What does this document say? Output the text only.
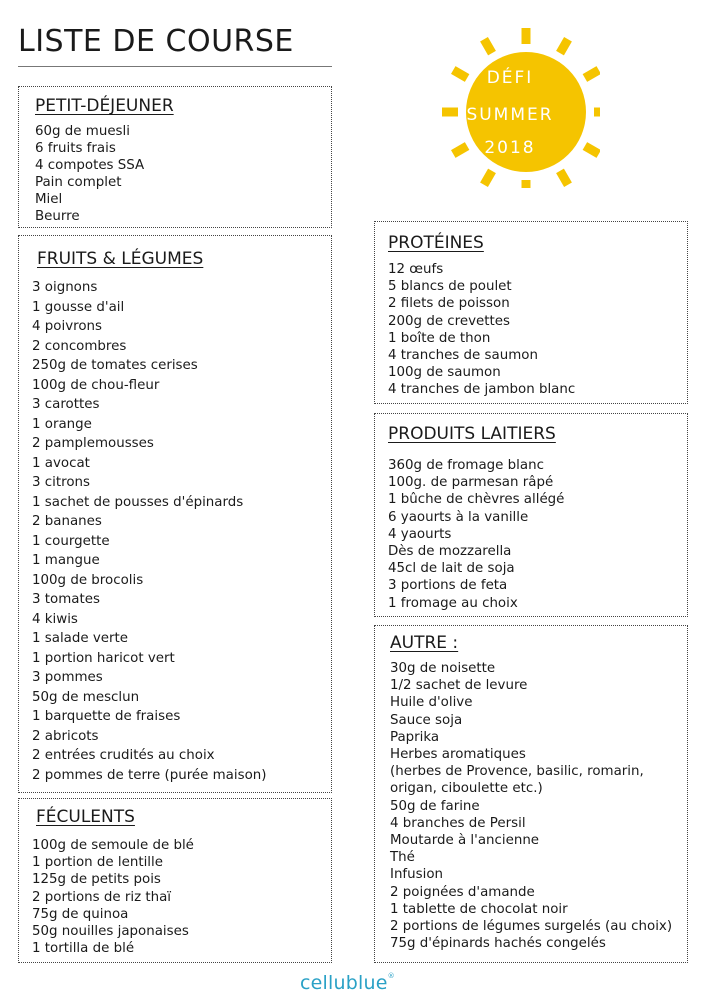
LISTE DE COURSE
DÉFI
SUMMER
2018
PETIT-DÉJEUNER
60g de muesli
6 fruits frais
4 compotes SSA
Pain complet
Miel
Beurre
FRUITS & LÉGUMES
3 oignons
1 gousse d'ail
4 poivrons
2 concombres
250g de tomates cerises
100g de chou-fleur
3 carottes
1 orange
2 pamplemousses
1 avocat
3 citrons
1 sachet de pousses d'épinards
2 bananes
1 courgette
1 mangue
100g de brocolis
3 tomates
4 kiwis
1 salade verte
1 portion haricot vert
3 pommes
50g de mesclun
1 barquette de fraises
2 abricots
2 entrées crudités au choix
2 pommes de terre (purée maison)
FÉCULENTS
100g de semoule de blé
1 portion de lentille
125g de petits pois
2 portions de riz thaï
75g de quinoa
50g nouilles japonaises
1 tortilla de blé
PROTÉINES
12 œufs
5 blancs de poulet
2 filets de poisson
200g de crevettes
1 boîte de thon
4 tranches de saumon
100g de saumon
4 tranches de jambon blanc
PRODUITS LAITIERS
360g de fromage blanc
100g. de parmesan râpé
1 bûche de chèvres allégé
6 yaourts à la vanille
4 yaourts
Dès de mozzarella
45cl de lait de soja
3 portions de feta
1 fromage au choix
AUTRE :
30g de noisette
1/2 sachet de levure
Huile d'olive
Sauce soja
Paprika
Herbes aromatiques
(herbes de Provence, basilic, romarin,
origan, ciboulette etc.)
50g de farine
4 branches de Persil
Moutarde à l'ancienne
Thé
Infusion
2 poignées d'amande
1 tablette de chocolat noir
2 portions de légumes surgelés (au choix)
75g d'épinards hachés congelés
cellublue®
